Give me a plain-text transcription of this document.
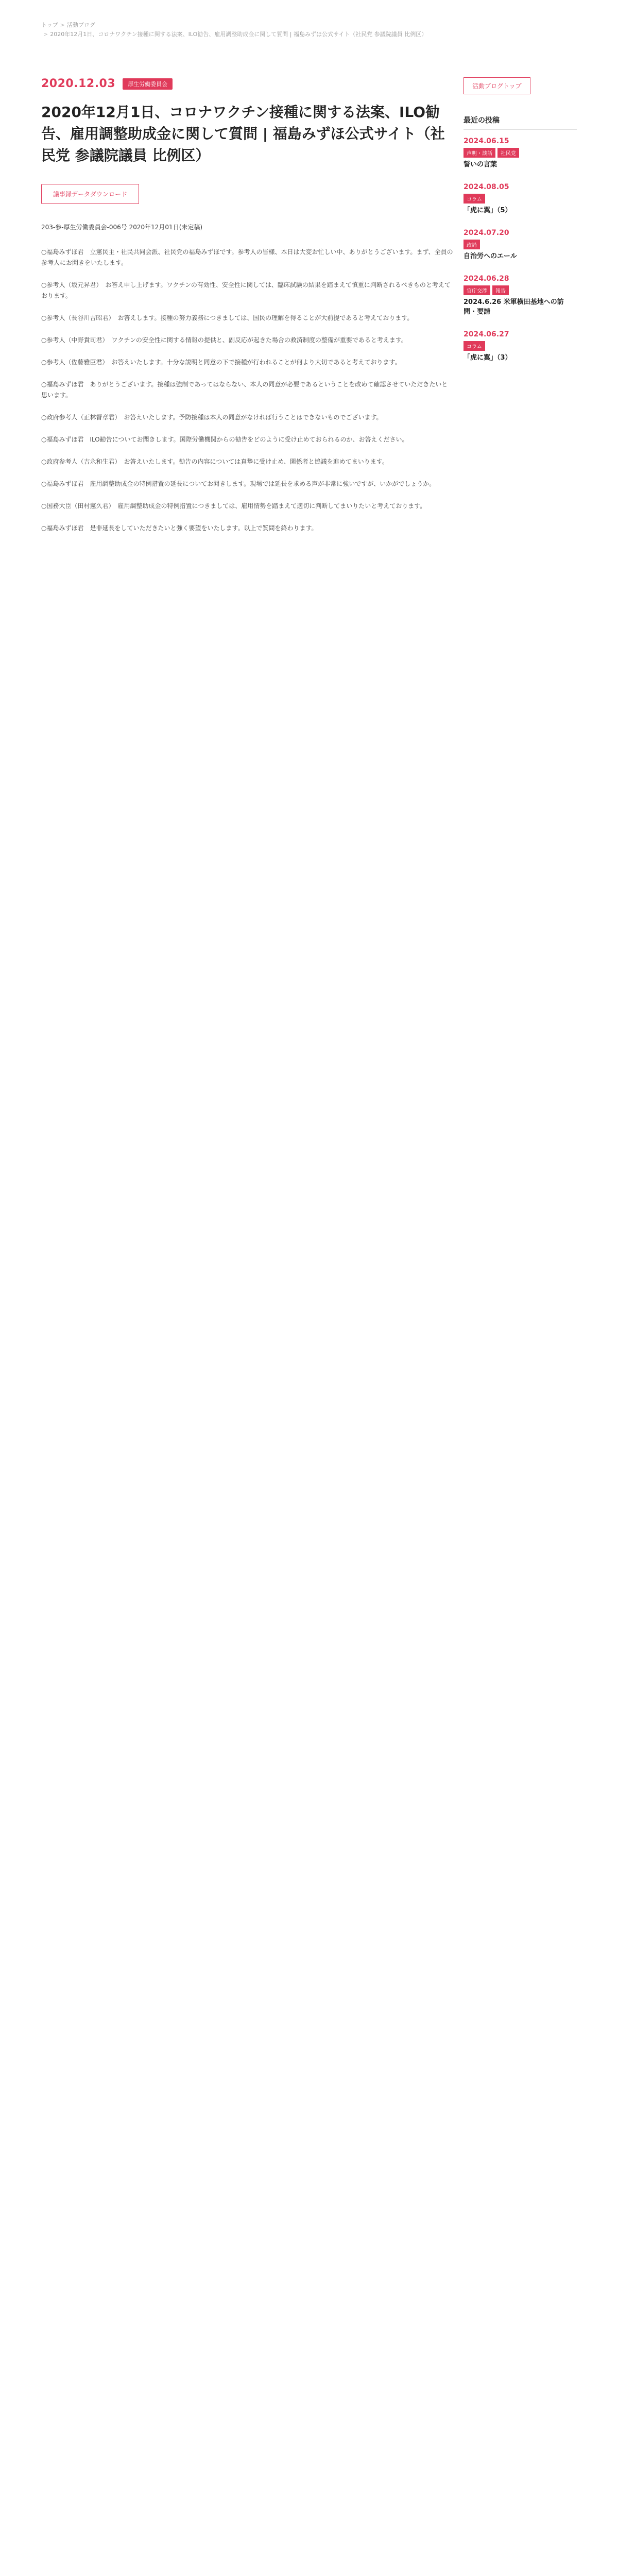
トップ > 活動ブログ
> 2020年12月1日、コロナワクチン接種に関する法案、ILO勧告、雇用調整助成金に関して質問 | 福島みずほ公式サイト（社民党 参議院議員 比例区）
2020.12.03	厚生労働委員会
2020年12月1日、コロナワクチン接種に関する法案、ILO勧告、雇用調整助成金に関して質問 | 福島みずほ公式サイト（社民党 参議院議員 比例区）
議事録データダウンロード

203-参-厚生労働委員会-006号 2020年12月01日(未定稿)

○福島みずほ君　立憲民主・社民共同会派、社民党の福島みずほです。参考人の皆様、本日は大変お忙しい中、ありがとうございます。まず、全員の参考人にお聞きをいたします。

○参考人（坂元昇君）　お答え申し上げます。ワクチンの有効性、安全性に関しては、臨床試験の結果を踏まえて慎重に判断されるべきものと考えております。

○参考人（長谷川吉昭君）　お答えします。接種の努力義務につきましては、国民の理解を得ることが大前提であると考えております。

○参考人（中野貴司君）　ワクチンの安全性に関する情報の提供と、副反応が起きた場合の救済制度の整備が重要であると考えます。

○参考人（佐藤雅臣君）　お答えいたします。十分な説明と同意の下で接種が行われることが何より大切であると考えております。

○福島みずほ君　ありがとうございます。接種は強制であってはならない、本人の同意が必要であるということを改めて確認させていただきたいと思います。

○政府参考人（正林督章君）　お答えいたします。予防接種は本人の同意がなければ行うことはできないものでございます。

○福島みずほ君　ILO勧告についてお聞きします。国際労働機関からの勧告をどのように受け止めておられるのか、お答えください。

○政府参考人（吉永和生君）　お答えいたします。勧告の内容については真摯に受け止め、関係者と協議を進めてまいります。

○福島みずほ君　雇用調整助成金の特例措置の延長についてお聞きします。現場では延長を求める声が非常に強いですが、いかがでしょうか。

○国務大臣（田村憲久君）　雇用調整助成金の特例措置につきましては、雇用情勢を踏まえて適切に判断してまいりたいと考えております。

○福島みずほ君　是非延長をしていただきたいと強く要望をいたします。以上で質問を終わります。

活動ブログトップ
最近の投稿
2024.06.15
声明・談話 社民党
誓いの言葉
2024.08.05
コラム
「虎に翼」（5）
2024.07.20
政局
自治労へのエール
2024.06.28
官庁交渉 報告
2024.6.26 米軍横田基地への訪問・要請
2024.06.27
コラム
「虎に翼」（3）
